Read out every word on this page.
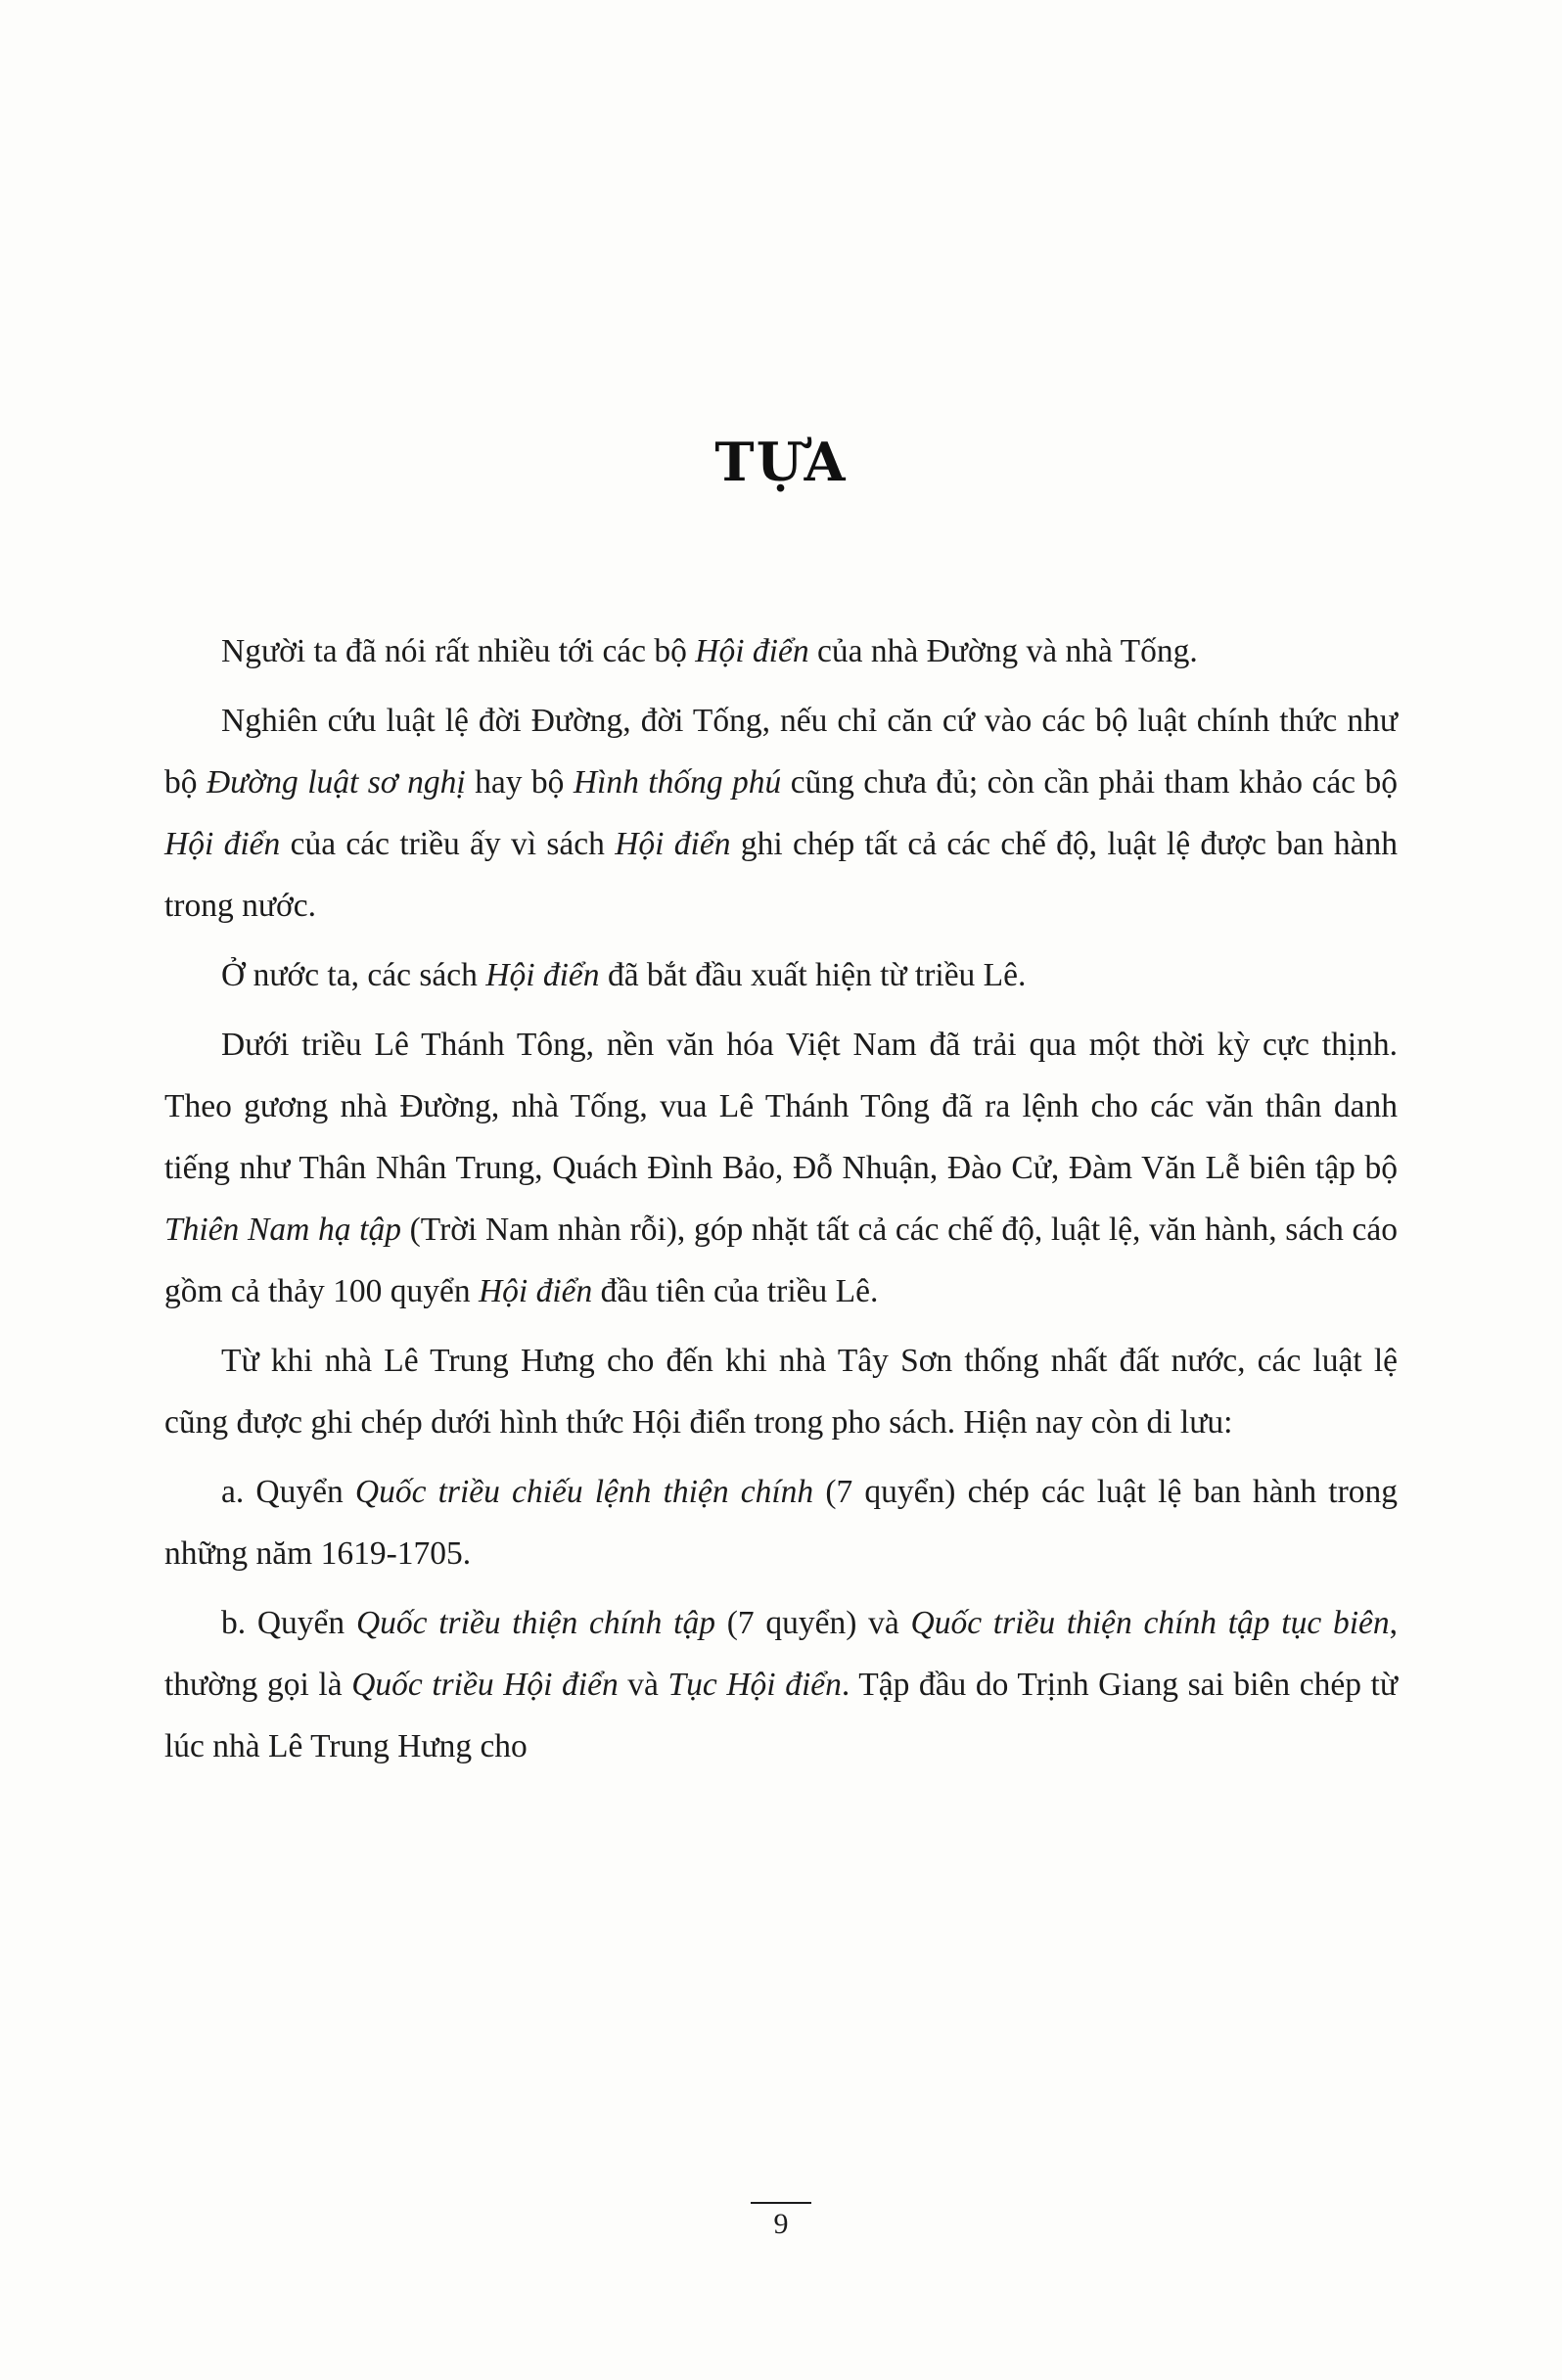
TỰA

Người ta đã nói rất nhiều tới các bộ Hội điển của nhà Đường và nhà Tống.

Nghiên cứu luật lệ đời Đường, đời Tống, nếu chỉ căn cứ vào các bộ luật chính thức như bộ Đường luật sơ nghị hay bộ Hình thống phú cũng chưa đủ; còn cần phải tham khảo các bộ Hội điển của các triều ấy vì sách Hội điển ghi chép tất cả các chế độ, luật lệ được ban hành trong nước.

Ở nước ta, các sách Hội điển đã bắt đầu xuất hiện từ triều Lê.

Dưới triều Lê Thánh Tông, nền văn hóa Việt Nam đã trải qua một thời kỳ cực thịnh. Theo gương nhà Đường, nhà Tống, vua Lê Thánh Tông đã ra lệnh cho các văn thân danh tiếng như Thân Nhân Trung, Quách Đình Bảo, Đỗ Nhuận, Đào Cử, Đàm Văn Lễ biên tập bộ Thiên Nam hạ tập (Trời Nam nhàn rỗi), góp nhặt tất cả các chế độ, luật lệ, văn hành, sách cáo gồm cả thảy 100 quyển Hội điển đầu tiên của triều Lê.

Từ khi nhà Lê Trung Hưng cho đến khi nhà Tây Sơn thống nhất đất nước, các luật lệ cũng được ghi chép dưới hình thức Hội điển trong pho sách. Hiện nay còn di lưu:

a. Quyển Quốc triều chiếu lệnh thiện chính (7 quyển) chép các luật lệ ban hành trong những năm 1619-1705.

b. Quyển Quốc triều thiện chính tập (7 quyển) và Quốc triều thiện chính tập tục biên, thường gọi là Quốc triều Hội điển và Tục Hội điển. Tập đầu do Trịnh Giang sai biên chép từ lúc nhà Lê Trung Hưng cho

9
